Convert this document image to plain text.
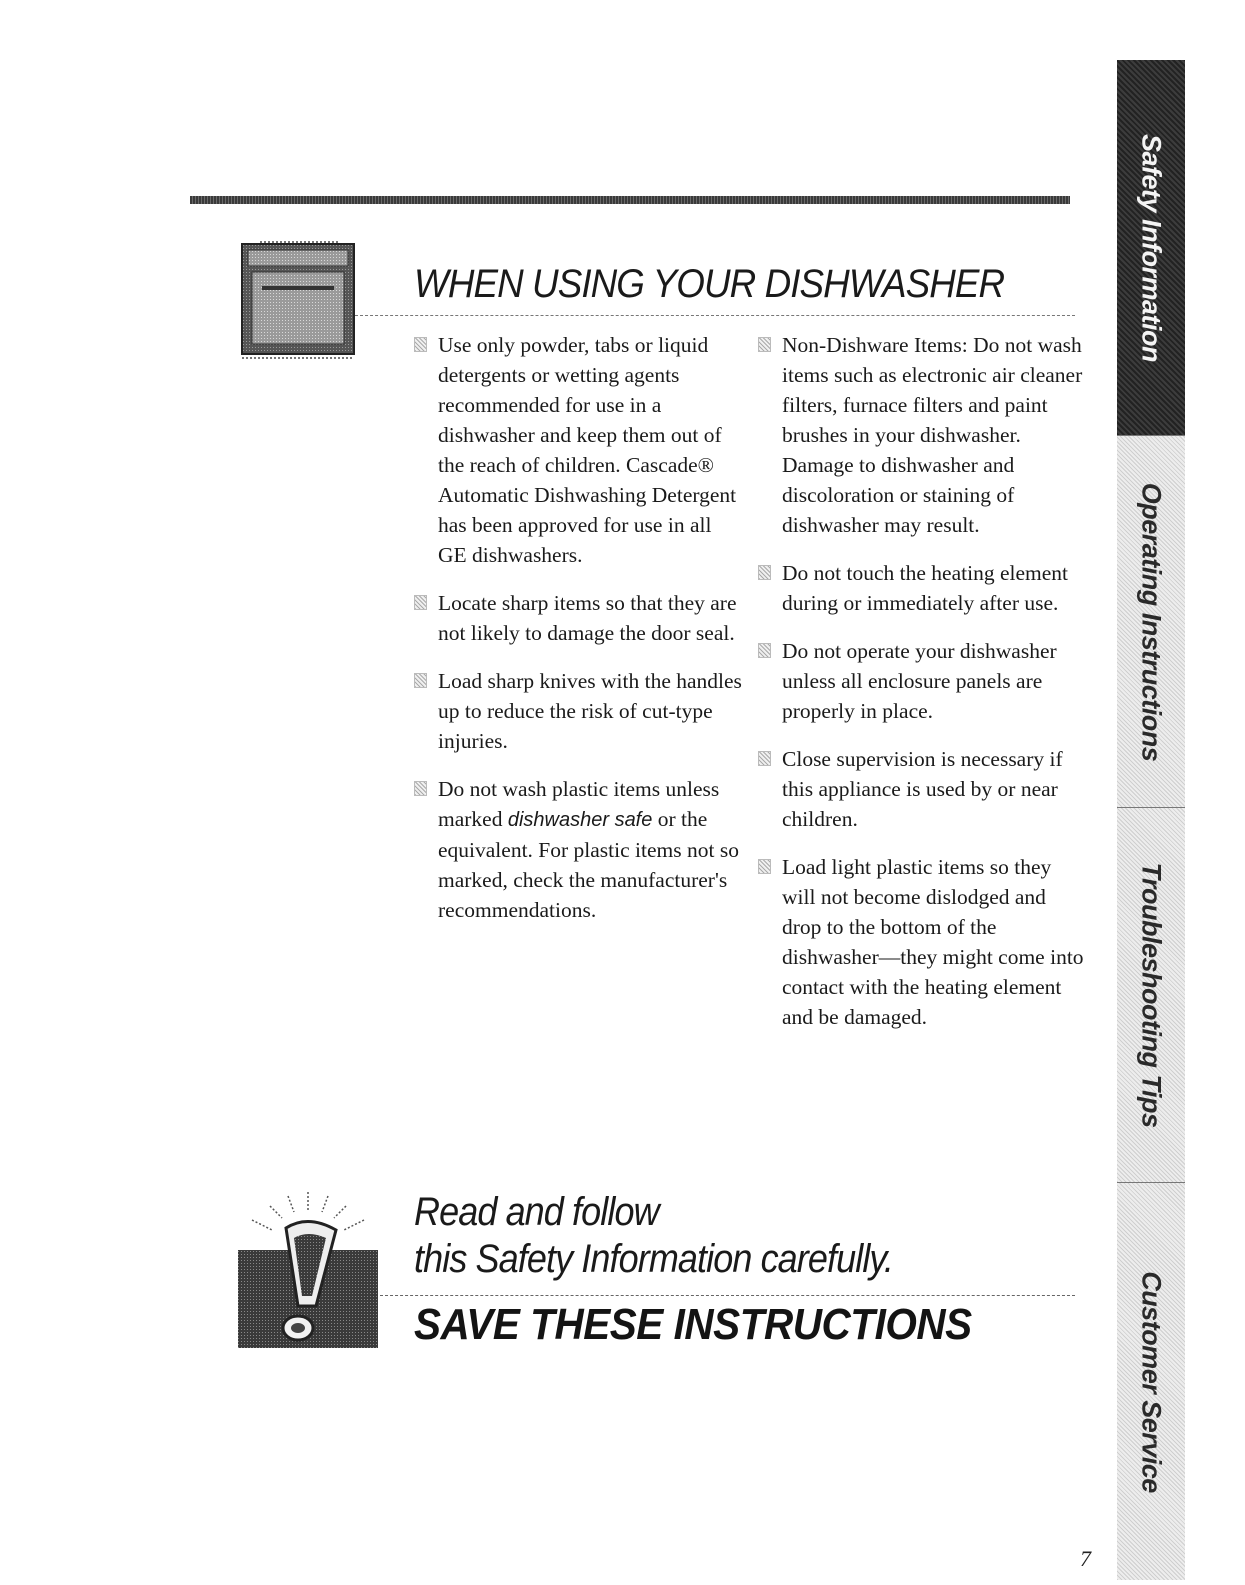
WHEN USING YOUR DISHWASHER

Use only powder, tabs or liquid detergents or wetting agents recommended for use in a dishwasher and keep them out of the reach of children. Cascade® Automatic Dishwashing Detergent has been approved for use in all GE dishwashers.

Locate sharp items so that they are not likely to damage the door seal.

Load sharp knives with the handles up to reduce the risk of cut-type injuries.

Do not wash plastic items unless marked dishwasher safe or the equivalent. For plastic items not so marked, check the manufacturer's recommendations.

Non-Dishware Items: Do not wash items such as electronic air cleaner filters, furnace filters and paint brushes in your dishwasher. Damage to dishwasher and discoloration or staining of dishwasher may result.

Do not touch the heating element during or immediately after use.

Do not operate your dishwasher unless all enclosure panels are properly in place.

Close supervision is necessary if this appliance is used by or near children.

Load light plastic items so they will not become dislodged and drop to the bottom of the dishwasher—they might come into contact with the heating element and be damaged.

Read and follow

this Safety Information carefully.

SAVE THESE INSTRUCTIONS

Safety Information
Operating Instructions
Troubleshooting Tips
Customer Service
7
